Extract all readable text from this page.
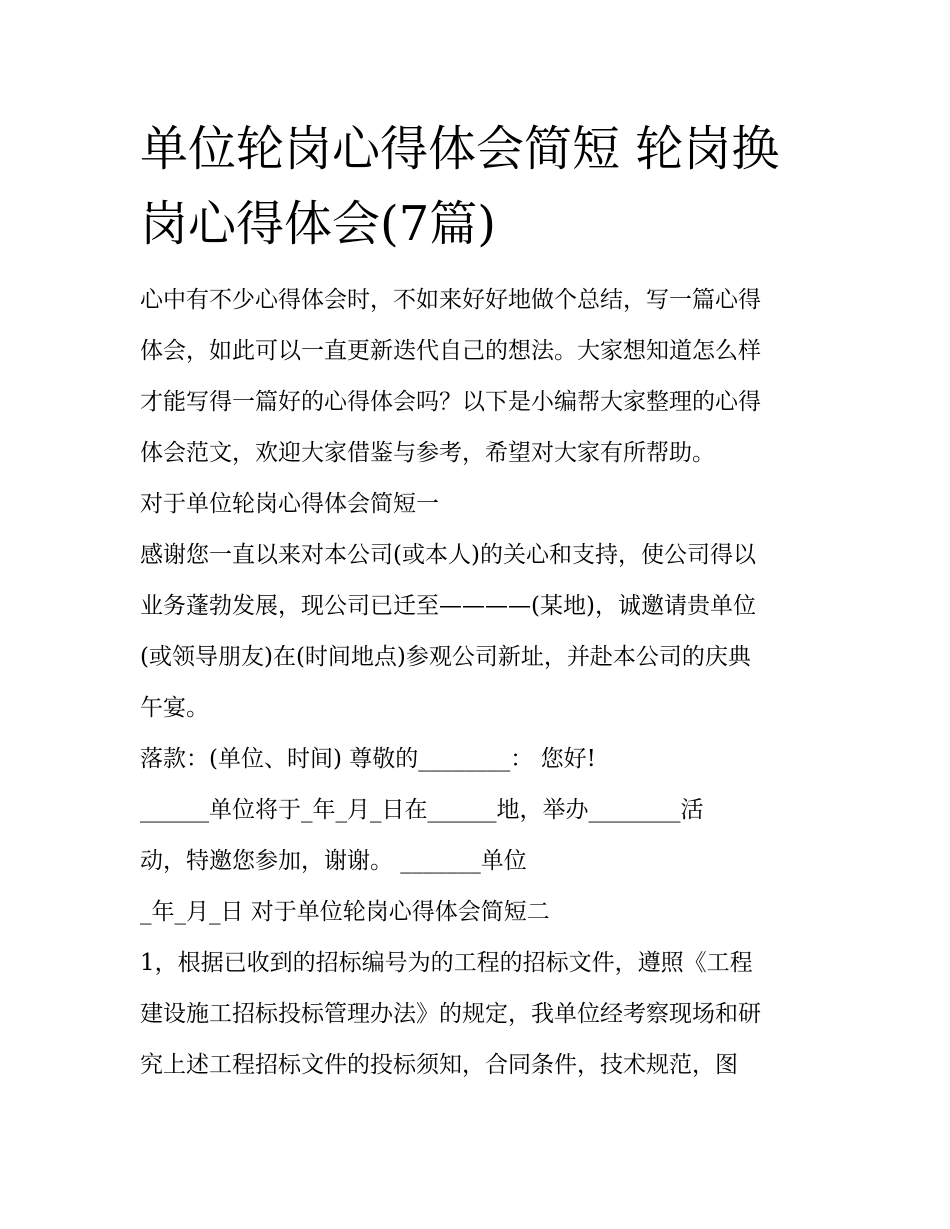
单位轮岗心得体会简短 轮岗换
岗心得体会(7篇)
心中有不少心得体会时，不如来好好地做个总结，写一篇心得
体会，如此可以一直更新迭代自己的想法。大家想知道怎么样
才能写得一篇好的心得体会吗？以下是小编帮大家整理的心得
体会范文，欢迎大家借鉴与参考，希望对大家有所帮助。
对于单位轮岗心得体会简短一
感谢您一直以来对本公司(或本人)的关心和支持，使公司得以
业务蓬勃发展，现公司已迁至————(某地)，诚邀请贵单位
(或领导朋友)在(时间地点)参观公司新址，并赴本公司的庆典
午宴。
落款：(单位、时间) 尊敬的________： 您好!
______单位将于_年_月_日在______地，举办________活
动，特邀您参加，谢谢。 _______单位
_年_月_日 对于单位轮岗心得体会简短二
1，根据已收到的招标编号为的工程的招标文件，遵照《工程
建设施工招标投标管理办法》的规定，我单位经考察现场和研
究上述工程招标文件的投标须知，合同条件，技术规范，图
